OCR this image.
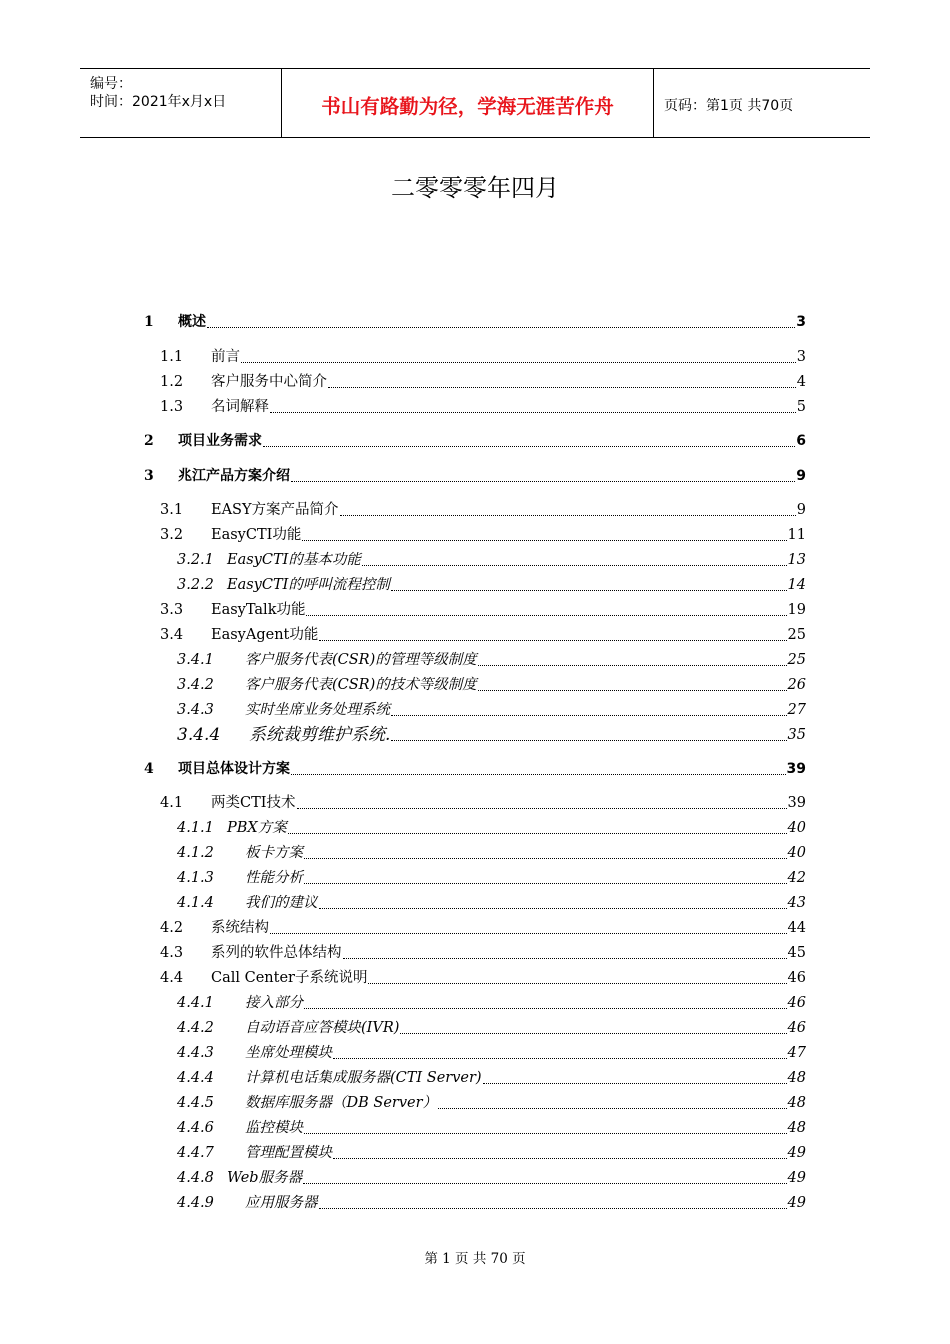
编号：
时间：2021年x月x日	书山有路勤为径，学海无涯苦作舟	页码：第1页 共70页
二零零零年四月
1 概述	3
1.1 前言	3
1.2 客户服务中心简介	4
1.3 名词解释	5
2 项目业务需求	6
3 兆江产品方案介绍	9
3.1 EASY方案产品简介	9
3.2 EasyCTI功能	11
3.2.1 EasyCTI的基本功能	13
3.2.2 EasyCTI的呼叫流程控制	14
3.3 EasyTalk功能	19
3.4 EasyAgent功能	25
3.4.1 客户服务代表(CSR)的管理等级制度	25
3.4.2 客户服务代表(CSR)的技术等级制度	26
3.4.3 实时坐席业务处理系统	27
3.4.4 系统裁剪维护系统.	35
4 项目总体设计方案	39
4.1 两类CTI技术	39
4.1.1 PBX方案	40
4.1.2 板卡方案	40
4.1.3 性能分析	42
4.1.4 我们的建议	43
4.2 系统结构	44
4.3 系列的软件总体结构	45
4.4 Call Center子系统说明	46
4.4.1 接入部分	46
4.4.2 自动语音应答模块(IVR)	46
4.4.3 坐席处理模块	47
4.4.4 计算机电话集成服务器(CTI Server)	48
4.4.5 数据库服务器（DB Server）	48
4.4.6 监控模块	48
4.4.7 管理配置模块	49
4.4.8 Web服务器	49
4.4.9 应用服务器	49
第 1 页 共 70 页
